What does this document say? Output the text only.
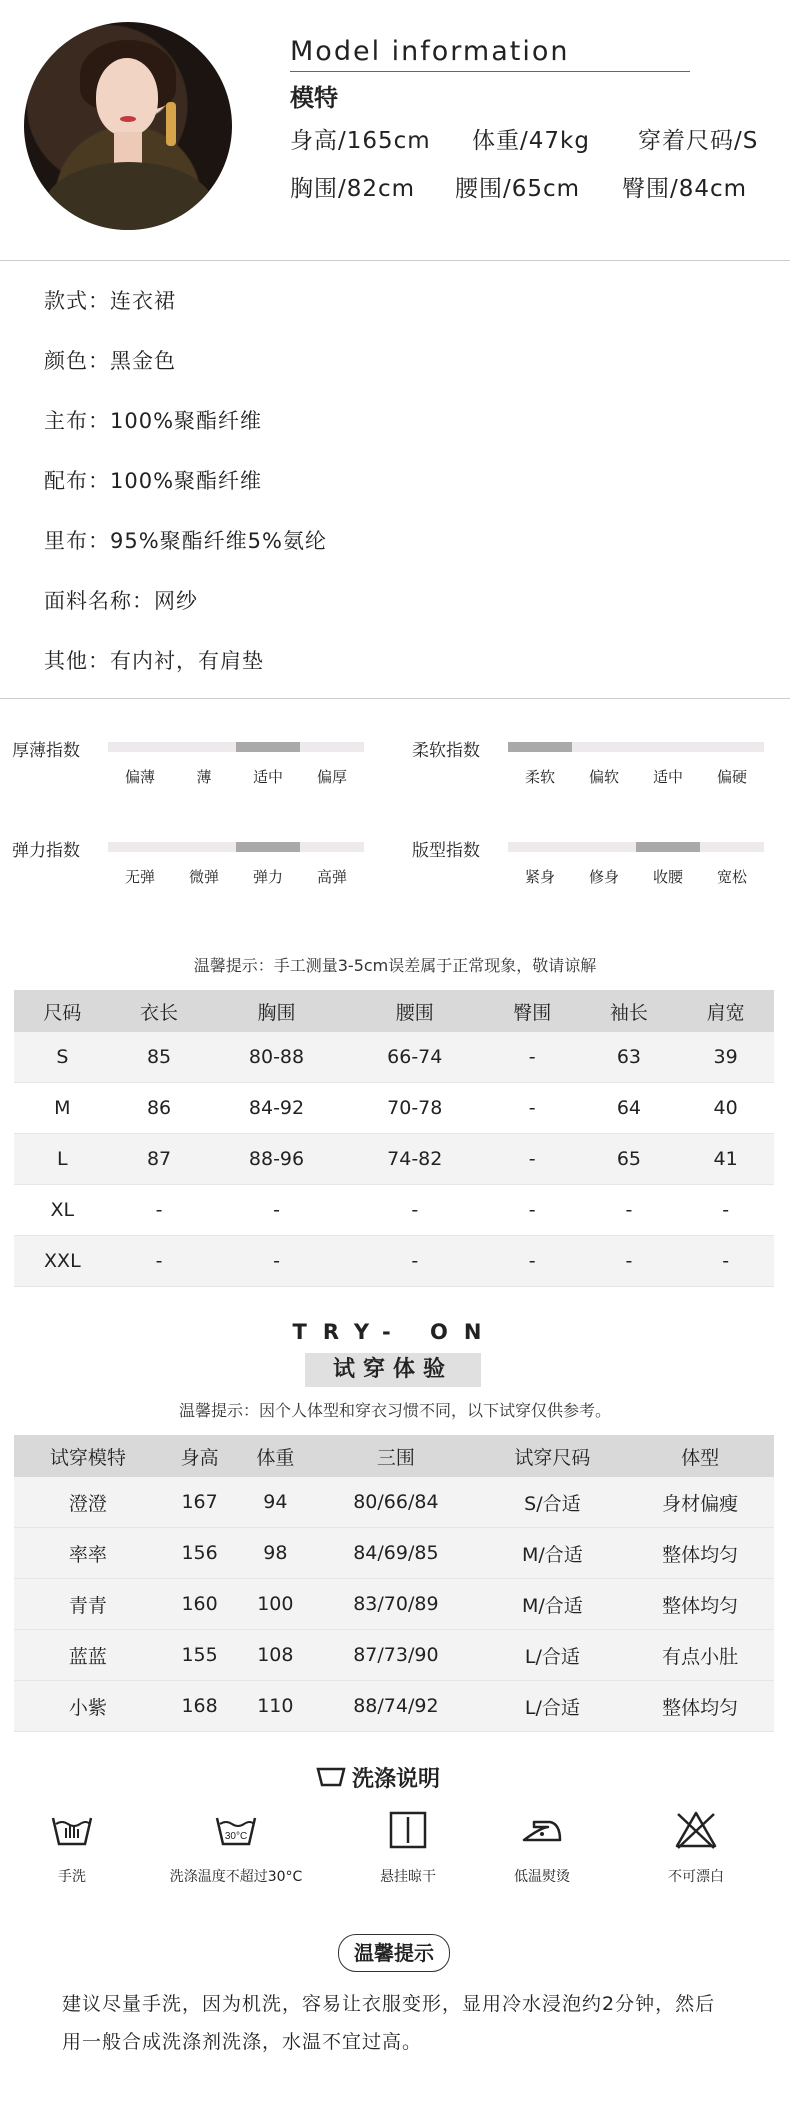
Model information
模特
身高/165cm 体重/47kg 穿着尺码/S
胸围/82cm 腰围/65cm 臀围/84cm
款式：连衣裙
颜色：黑金色
主布：100%聚酯纤维
配布：100%聚酯纤维
里布：95%聚酯纤维5%氨纶
面料名称：网纱
其他：有内衬，有肩垫
厚薄指数
偏薄	薄	适中	偏厚
柔软指数
柔软	偏软	适中	偏硬
弹力指数
无弹	微弹	弹力	高弹
版型指数
紧身	修身	收腰	宽松
温馨提示：手工测量3-5cm误差属于正常现象，敬请谅解
尺码	衣长	胸围	腰围	臀围	袖长	肩宽
S	85	80-88	66-74	-	63	39
M	86	84-92	70-78	-	64	40
L	87	88-96	74-82	-	65	41
XL	-	-	-	-	-	-
XXL	-	-	-	-	-	-
TRY- ON
试穿体验
温馨提示：因个人体型和穿衣习惯不同，以下试穿仅供参考。
试穿模特	身高	体重	三围	试穿尺码	体型
澄澄	167	94	80/66/84	S/合适	身材偏瘦
率率	156	98	84/69/85	M/合适	整体均匀
青青	160	100	83/70/89	M/合适	整体均匀
蓝蓝	155	108	87/73/90	L/合适	有点小肚
小紫	168	110	88/74/92	L/合适	整体均匀
洗涤说明
30°C
手洗	洗涤温度不超过30°C	悬挂晾干	低温熨烫	不可漂白
温馨提示
建议尽量手洗，因为机洗，容易让衣服变形，显用冷水浸泡约2分钟，然后
用一般合成洗涤剂洗涤，水温不宜过高。
